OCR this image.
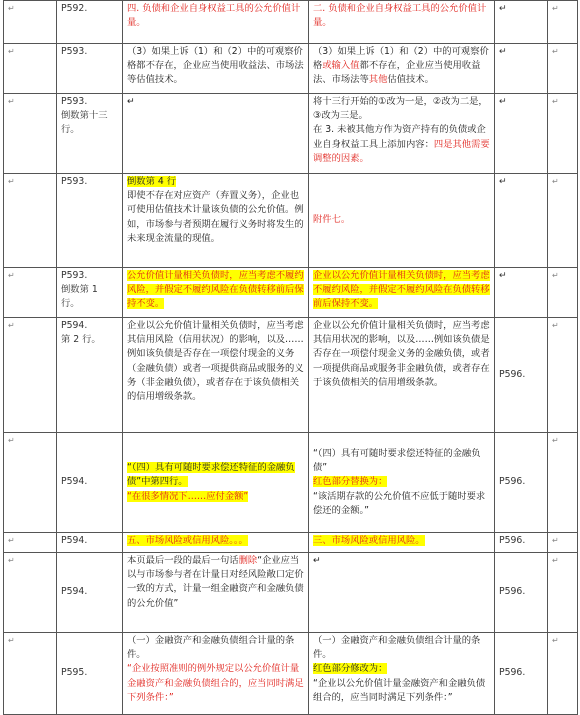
↵	P592.	四. 负债和企业自身权益工具的公允价值计量。	二. 负债和企业自身权益工具的公允价值计量。	↵	↵
↵	P593.	（3）如果上诉（1）和（2）中的可观察价格都不存在，企业应当使用收益法、市场法等估值技术。	（3）如果上诉（1）和（2）中的可观察价格或输入值都不存在，企业应当使用收益法、市场法等其他估值技术。	↵	↵
↵	P593.
倒数第十三行。	↵	将十三行开始的①改为一是，②改为二是，③改为三是。
在 3. 未被其他方作为资产持有的负债或企业自身权益工具上添加内容：四是其他需要调整的因素。	↵	↵
↵	P593.	倒数第 4 行
即使不存在对应资产（弃置义务），企业也可使用估值技术计量该负债的公允价值。例如，市场参与者预期在履行义务时将发生的未来现金流量的现值。	附件七。	↵	↵
↵	P593.
倒数第 1 行。	公允价值计量相关负债时，应当考虑不履约风险，并假定不履约风险在负债转移前后保持不变。	企业以公允价值计量相关负债时，应当考虑不履约风险，并假定不履约风险在负债转移前后保持不变。	↵	↵
↵	P594.
第 2 行。	企业以公允价值计量相关负债时，应当考虑其信用风险（信用状况）的影响，以及……例如该负债是否存在一项偿付现金的义务（金融负债）或者一项提供商品或服务的义务（非金融负债），或者存在于该负债相关的信用增级条款。	企业以公允价值计量相关负债时，应当考虑其信用状况的影响，以及……例如该负债是否存在一项偿付现金义务的金融负债，或者一项提供商品或服务非金融负债，或者存在于该负债相关的信用增级条款。	P596.	↵
↵	P594.	“（四）具有可随时要求偿还特征的金融负债”中第四行。
“在很多情况下……应付金额”	“（四）具有可随时要求偿还特征的金融负债”
红色部分替换为：
“该活期存款的公允价值不应低于随时要求偿还的金额。”	P596.	↵
↵	P594.	五、市场风险或信用风险。。。	三、市场风险或信用风险。	P596.	↵
↵	P594.	本页最后一段的最后一句话删除“企业应当以与市场参与者在计量日对经风险敞口定价一致的方式，计量一组金融资产和金融负债的公允价值”	↵	P596.	↵
↵	P595.	（一）金融资产和金融负债组合计量的条件。
“企业按照准则的例外规定以公允价值计量金融资产和金融负债组合的，应当同时满足下列条件：”	（一）金融资产和金融负债组合计量的条件。
红色部分修改为：
“企业以公允价值计量金融资产和金融负债组合的，应当同时满足下列条件：”	P596.	↵
